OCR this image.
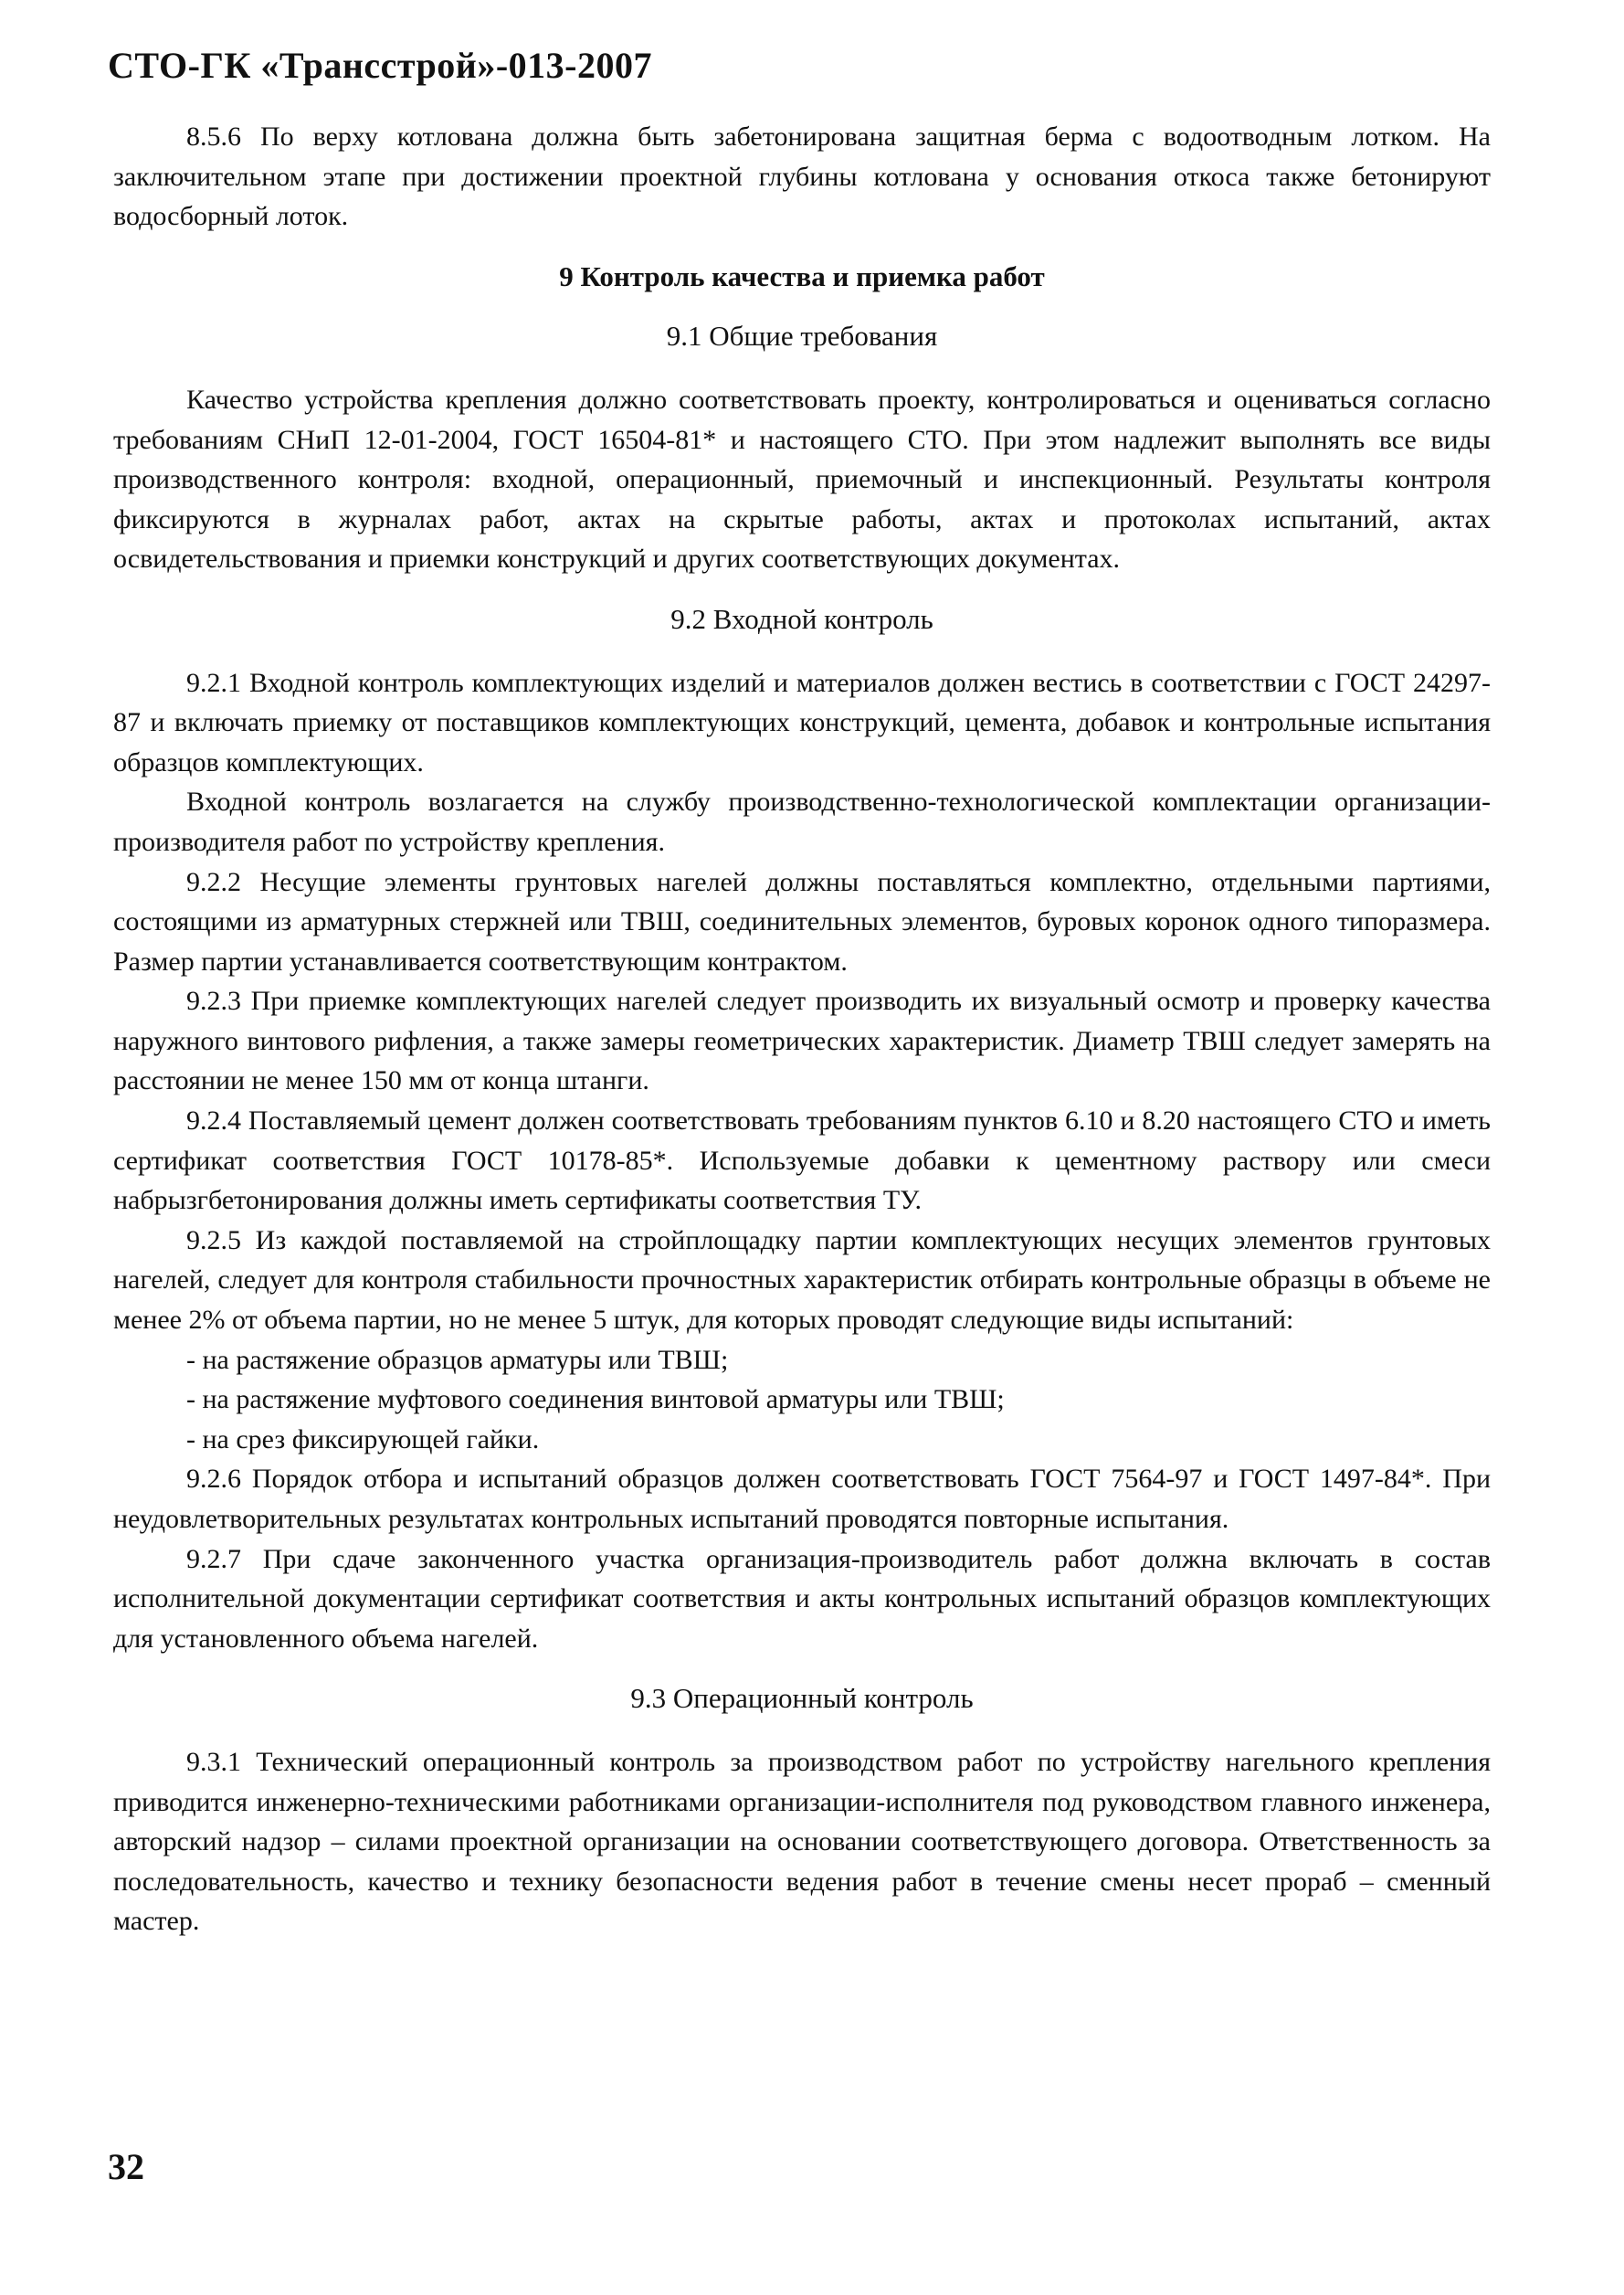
СТО-ГК «Трансстрой»-013-2007

8.5.6 По верху котлована должна быть забетонирована защитная берма с водоотводным лотком. На заключительном этапе при достижении проектной глубины котлована у основания откоса также бетонируют водосборный лоток.

9 Контроль качества и приемка работ

9.1 Общие требования

Качество устройства крепления должно соответствовать проекту, контролироваться и оцениваться согласно требованиям СНиП 12-01-2004, ГОСТ 16504-81* и настоящего СТО. При этом надлежит выполнять все виды производственного контроля: входной, операционный, приемочный и инспекционный. Результаты контроля фиксируются в журналах работ, актах на скрытые работы, актах и протоколах испытаний, актах освидетельствования и приемки конструкций и других соответствующих документах.

9.2 Входной контроль

9.2.1 Входной контроль комплектующих изделий и материалов должен вестись в соответствии с ГОСТ 24297-87 и включать приемку от поставщиков комплектующих конструкций, цемента, добавок и контрольные испытания образцов комплектующих.

Входной контроль возлагается на службу производственно-технологической комплектации организации-производителя работ по устройству крепления.

9.2.2 Несущие элементы грунтовых нагелей должны поставляться комплектно, отдельными партиями, состоящими из арматурных стержней или ТВШ, соединительных элементов, буровых коронок одного типоразмера. Размер партии устанавливается соответствующим контрактом.

9.2.3 При приемке комплектующих нагелей следует производить их визуальный осмотр и проверку качества наружного винтового рифления, а также замеры геометрических характеристик. Диаметр ТВШ следует замерять на расстоянии не менее 150 мм от конца штанги.

9.2.4 Поставляемый цемент должен соответствовать требованиям пунктов 6.10 и 8.20 настоящего СТО и иметь сертификат соответствия ГОСТ 10178-85*. Используемые добавки к цементному раствору или смеси набрызгбетонирования должны иметь сертификаты соответствия ТУ.

9.2.5 Из каждой поставляемой на стройплощадку партии комплектующих несущих элементов грунтовых нагелей, следует для контроля стабильности прочностных характеристик отбирать контрольные образцы в объеме не менее 2% от объема партии, но не менее 5 штук, для которых проводят следующие виды испытаний:

- на растяжение образцов арматуры или ТВШ;

- на растяжение муфтового соединения винтовой арматуры или ТВШ;

- на срез фиксирующей гайки.

9.2.6 Порядок отбора и испытаний образцов должен соответствовать ГОСТ 7564-97 и ГОСТ 1497-84*. При неудовлетворительных результатах контрольных испытаний проводятся повторные испытания.

9.2.7 При сдаче законченного участка организация-производитель работ должна включать в состав исполнительной документации сертификат соответствия и акты контрольных испытаний образцов комплектующих для установленного объема нагелей.

9.3 Операционный контроль

9.3.1 Технический операционный контроль за производством работ по устройству нагельного крепления приводится инженерно-техническими работниками организации-исполнителя под руководством главного инженера, авторский надзор – силами проектной организации на основании соответствующего договора. Ответственность за последовательность, качество и технику безопасности ведения работ в течение смены несет прораб – сменный мастер.

32
